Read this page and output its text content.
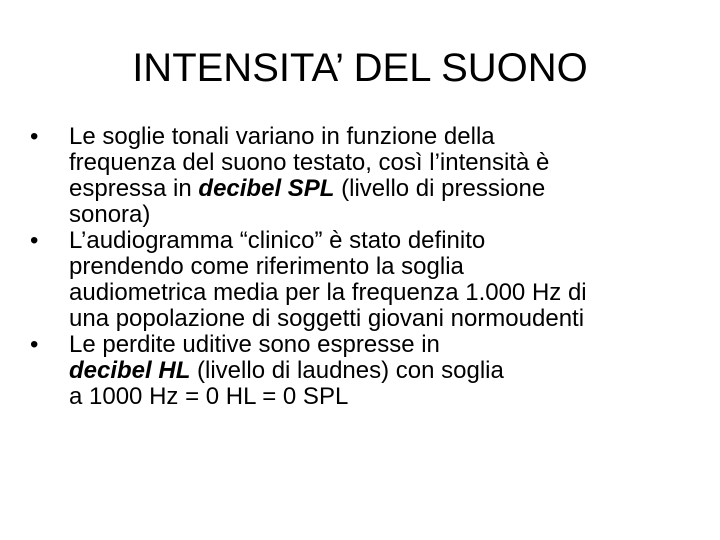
INTENSITA’ DEL SUONO
•	Le soglie tonali variano in funzione della
frequenza del suono testato, così l’intensità è
espressa in decibel SPL (livello di pressione
sonora)
•	L’audiogramma “clinico” è stato definito
prendendo come riferimento la soglia
audiometrica media per la frequenza 1.000 Hz di
una popolazione di soggetti giovani normoudenti
•	Le perdite uditive sono espresse in
decibel HL (livello di laudnes) con soglia
a 1000 Hz = 0 HL = 0 SPL
